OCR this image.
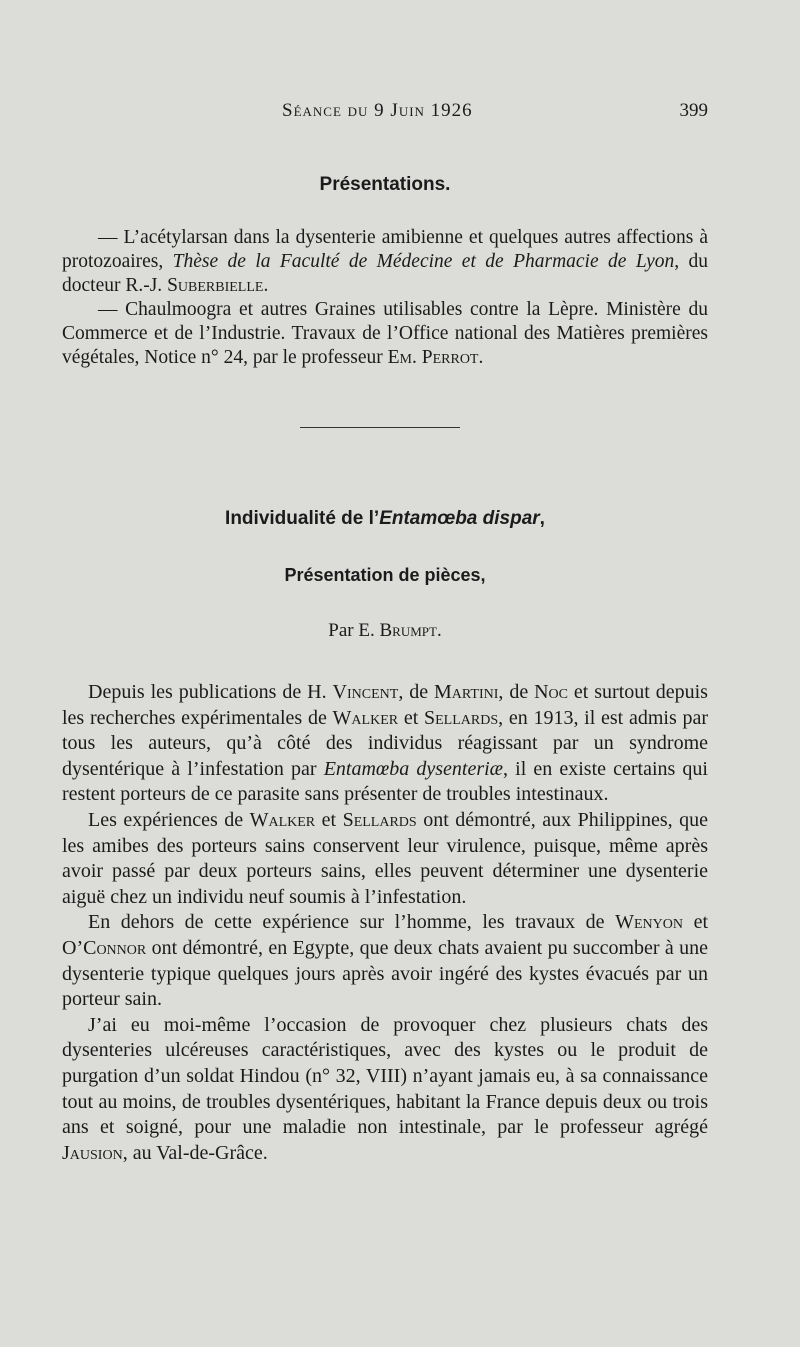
Séance du 9 Juin 1926	399
Présentations.

— L’acétylarsan dans la dysenterie amibienne et quelques autres affections à protozoaires, Thèse de la Faculté de Médecine et de Pharmacie de Lyon, du docteur R.-J. Suberbielle.

— Chaulmoogra et autres Graines utilisables contre la Lèpre. Ministère du Commerce et de l’Industrie. Travaux de l’Office national des Matières premières végétales, Notice n° 24, par le professeur Em. Perrot.

Individualité de l’Entamœba dispar,
Présentation de pièces,
Par E. Brumpt.

Depuis les publications de H. Vincent, de Martini, de Noc et surtout depuis les recherches expérimentales de Walker et Sellards, en 1913, il est admis par tous les auteurs, qu’à côté des individus réagissant par un syndrome dysentérique à l’infestation par Entamœba dysenteriæ, il en existe certains qui restent porteurs de ce parasite sans présenter de troubles intestinaux.

Les expériences de Walker et Sellards ont démontré, aux Philippines, que les amibes des porteurs sains conservent leur virulence, puisque, même après avoir passé par deux porteurs sains, elles peuvent déterminer une dysenterie aiguë chez un individu neuf soumis à l’infestation.

En dehors de cette expérience sur l’homme, les travaux de Wenyon et O’Connor ont démontré, en Egypte, que deux chats avaient pu succomber à une dysenterie typique quelques jours après avoir ingéré des kystes évacués par un porteur sain.

J’ai eu moi-même l’occasion de provoquer chez plusieurs chats des dysenteries ulcéreuses caractéristiques, avec des kystes ou le produit de purgation d’un soldat Hindou (n° 32, VIII) n’ayant jamais eu, à sa connaissance tout au moins, de troubles dysentériques, habitant la France depuis deux ou trois ans et soigné, pour une maladie non intestinale, par le professeur agrégé Jausion, au Val-de-Grâce.
